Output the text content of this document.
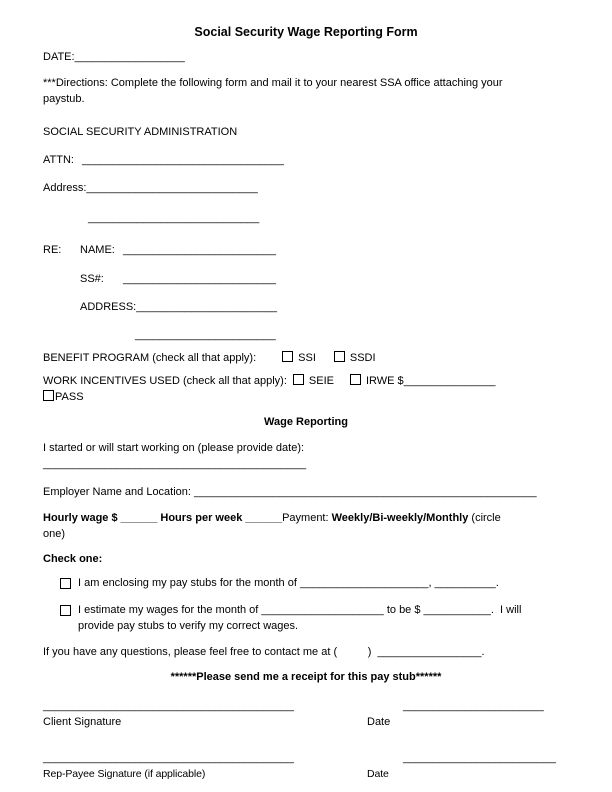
Social Security Wage Reporting Form
DATE:__________________
***Directions: Complete the following form and mail it to your nearest SSA office attaching your
paystub.
SOCIAL SECURITY ADMINISTRATION
ATTN: _________________________________
Address:____________________________
____________________________
RE: NAME: _________________________
SS#: _________________________
ADDRESS:_______________________
_______________________
BENEFIT PROGRAM (check all that apply):	SSI	SSDI
WORK INCENTIVES USED (check all that apply): SEIE	IRWE $_______________
PASS
Wage Reporting
I started or will start working on (please provide date): ___________________________________________
Employer Name and Location: ________________________________________________________
Hourly wage $ ______ Hours per week ______Payment: Weekly/Bi-weekly/Monthly (circle
one)
Check one:
I am enclosing my pay stubs for the month of _____________________, __________.
I estimate my wages for the month of ____________________ to be $ ___________.  I will
provide pay stubs to verify my correct wages.
If you have any questions, please feel free to contact me at (	)  _________________.
******Please send me a receipt for this pay stub******
_________________________________________	_______________________
Client Signature	Date
_________________________________________	_________________________
Rep-Payee Signature (if applicable)	Date
